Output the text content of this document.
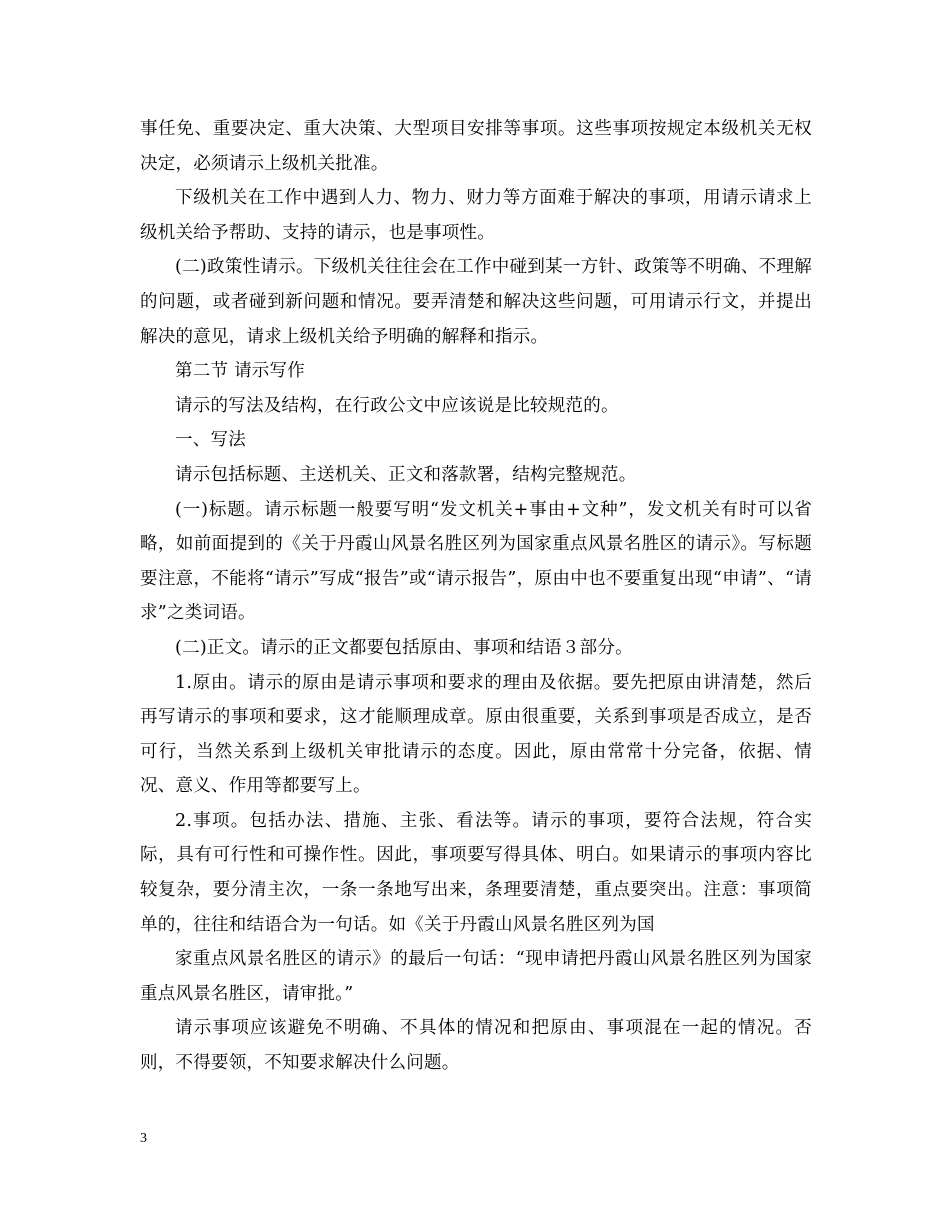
事任免、重要决定、重大决策、大型项目安排等事项。这些事项按规定本级机关无权决定，必须请示上级机关批准。

下级机关在工作中遇到人力、物力、财力等方面难于解决的事项，用请示请求上级机关给予帮助、支持的请示，也是事项性。

(二)政策性请示。下级机关往往会在工作中碰到某一方针、政策等不明确、不理解的问题，或者碰到新问题和情况。要弄清楚和解决这些问题，可用请示行文，并提出解决的意见，请求上级机关给予明确的解释和指示。

第二节 请示写作

请示的写法及结构，在行政公文中应该说是比较规范的。

一、写法

请示包括标题、主送机关、正文和落款署，结构完整规范。

(一)标题。请示标题一般要写明“发文机关+事由+文种”，发文机关有时可以省略，如前面提到的《关于丹霞山风景名胜区列为国家重点风景名胜区的请示》。写标题要注意，不能将“请示”写成“报告”或“请示报告”，原由中也不要重复出现“申请”、“请求”之类词语。

(二)正文。请示的正文都要包括原由、事项和结语３部分。

1.原由。请示的原由是请示事项和要求的理由及依据。要先把原由讲清楚，然后再写请示的事项和要求，这才能顺理成章。原由很重要，关系到事项是否成立，是否可行，当然关系到上级机关审批请示的态度。因此，原由常常十分完备，依据、情况、意义、作用等都要写上。

2.事项。包括办法、措施、主张、看法等。请示的事项，要符合法规，符合实际，具有可行性和可操作性。因此，事项要写得具体、明白。如果请示的事项内容比较复杂，要分清主次，一条一条地写出来，条理要清楚，重点要突出。注意：事项简单的，往往和结语合为一句话。如《关于丹霞山风景名胜区列为国

家重点风景名胜区的请示》的最后一句话：“现申请把丹霞山风景名胜区列为国家重点风景名胜区，请审批。”

请示事项应该避免不明确、不具体的情况和把原由、事项混在一起的情况。否则，不得要领，不知要求解决什么问题。

3
